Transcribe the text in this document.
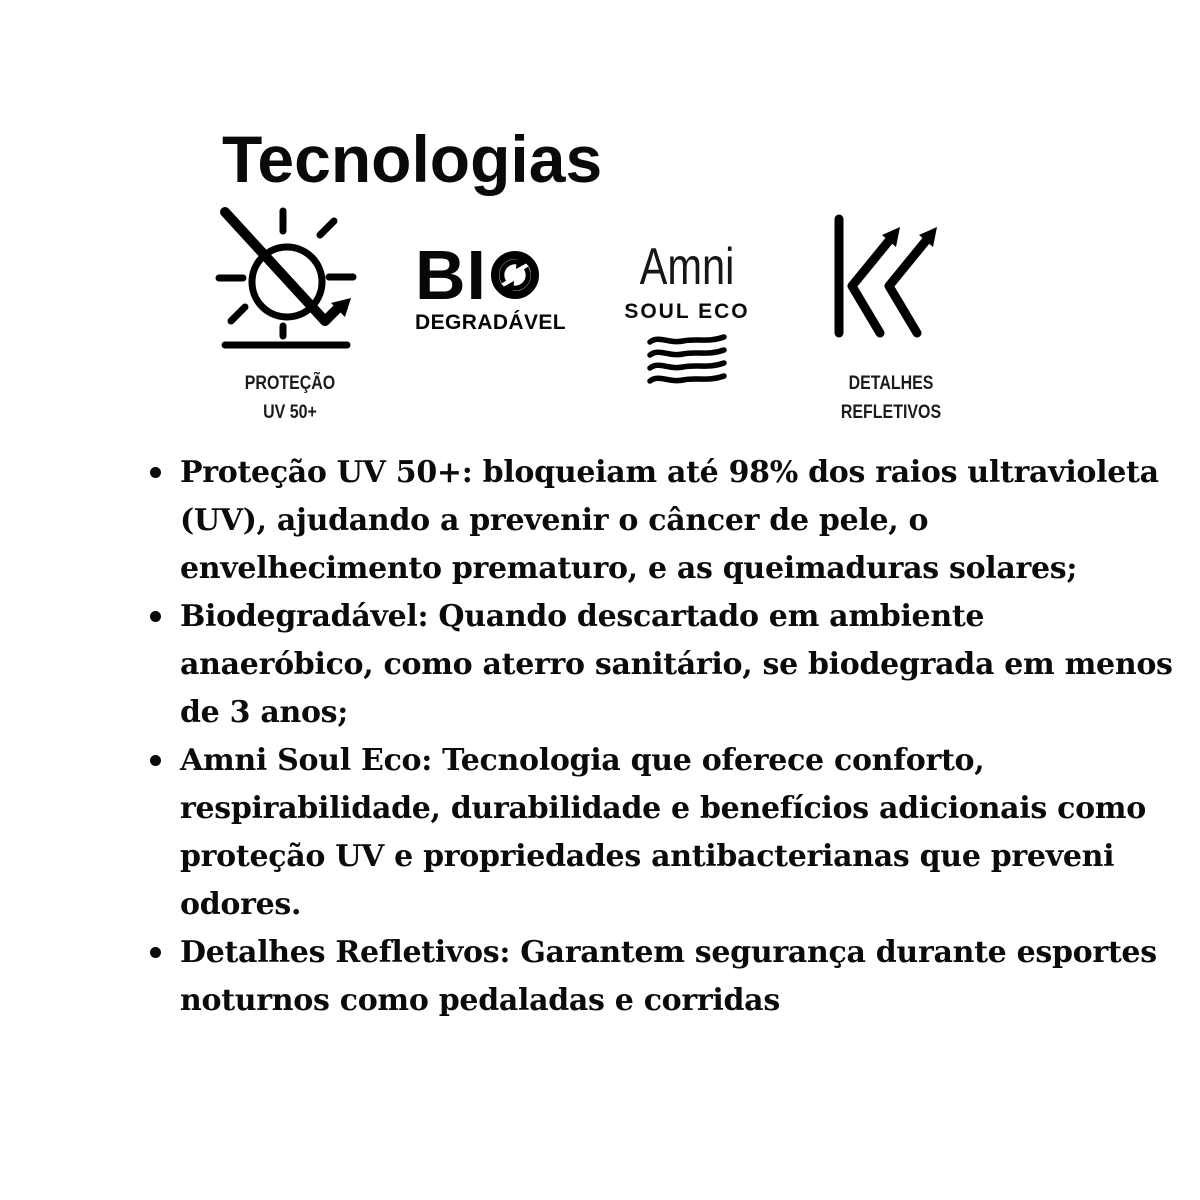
Tecnologias
PROTEÇÃO
UV 50+
BI
DEGRADÁVEL
Amni
SOUL ECO
DETALHES
REFLETIVOS
Proteção UV 50+: bloqueiam até 98% dos raios ultravioleta
(UV), ajudando a prevenir o câncer de pele, o
envelhecimento prematuro, e as queimaduras solares;
Biodegradável: Quando descartado em ambiente
anaeróbico, como aterro sanitário, se biodegrada em menos
de 3 anos;
Amni Soul Eco: Tecnologia que oferece conforto,
respirabilidade, durabilidade e benefícios adicionais como
proteção UV e propriedades antibacterianas que preveni
odores.
Detalhes Refletivos: Garantem segurança durante esportes
noturnos como pedaladas e corridas
